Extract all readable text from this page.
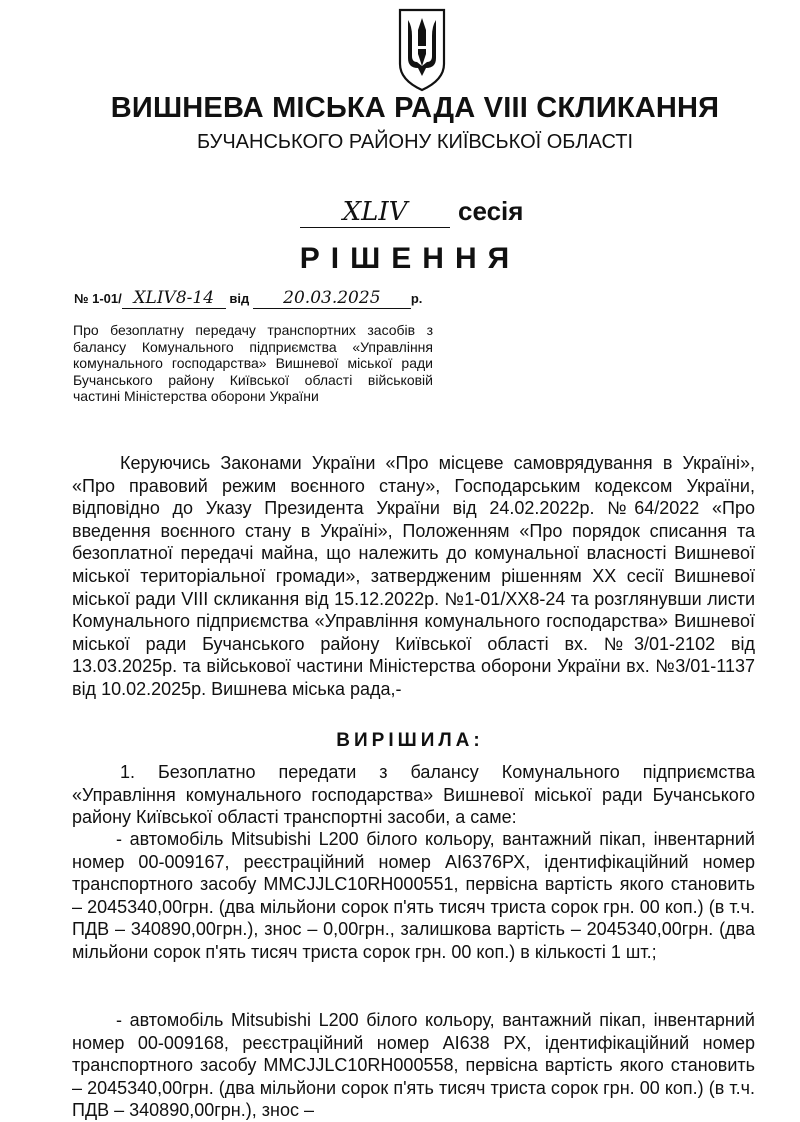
ВИШНЕВА МІСЬКА РАДА VIII СКЛИКАННЯ
БУЧАНСЬКОГО РАЙОНУ КИЇВСЬКОЇ ОБЛАСТІ
XLIV сесія
РІШЕННЯ
№ 1-01/ XLIV8-14 від 20.03.2025 р.
Про безоплатну передачу транспортних засобів з балансу Комунального підприємства «Управління комунального господарства» Вишневої міської ради Бучанського району Київської області військовій частині Міністерства оборони України
Керуючись Законами України «Про місцеве самоврядування в Україні», «Про правовий режим воєнного стану», Господарським кодексом України, відповідно до Указу Президента України від 24.02.2022р. №64/2022 «Про введення воєнного стану в Україні», Положенням «Про порядок списання та безоплатної передачі майна, що належить до комунальної власності Вишневої міської територіальної громади», затвердженим рішенням XX сесії Вишневої міської ради VIII скликання від 15.12.2022р. №1-01/XX8-24 та розглянувши листи Комунального підприємства «Управління комунального господарства» Вишневої міської ради Бучанського району Київської області вх. №3/01-2102 від 13.03.2025р. та військової частини Міністерства оборони України вх. №3/01-1137 від 10.02.2025р. Вишнева міська рада,-
ВИРІШИЛА:
1. Безоплатно передати з балансу Комунального підприємства «Управління комунального господарства» Вишневої міської ради Бучанського району Київської області транспортні засоби, а саме:
- автомобіль Mitsubishi L200 білого кольору, вантажний пікап, інвентарний номер 00-009167, реєстраційний номер АІ6376РХ, ідентифікаційний номер транспортного засобу MMCJJLC10RH000551, первісна вартість якого становить – 2045340,00грн. (два мільйони сорок п'ять тисяч триста сорок грн. 00 коп.) (в т.ч. ПДВ – 340890,00грн.), знос – 0,00грн., залишкова вартість – 2045340,00грн. (два мільйони сорок п'ять тисяч триста сорок грн. 00 коп.) в кількості 1 шт.;
- автомобіль Mitsubishi L200 білого кольору, вантажний пікап, інвентарний номер 00-009168, реєстраційний номер АІ638 РХ, ідентифікаційний номер транспортного засобу MMCJJLC10RH000558, первісна вартість якого становить – 2045340,00грн. (два мільйони сорок п'ять тисяч триста сорок грн. 00 коп.) (в т.ч. ПДВ – 340890,00грн.), знос –
